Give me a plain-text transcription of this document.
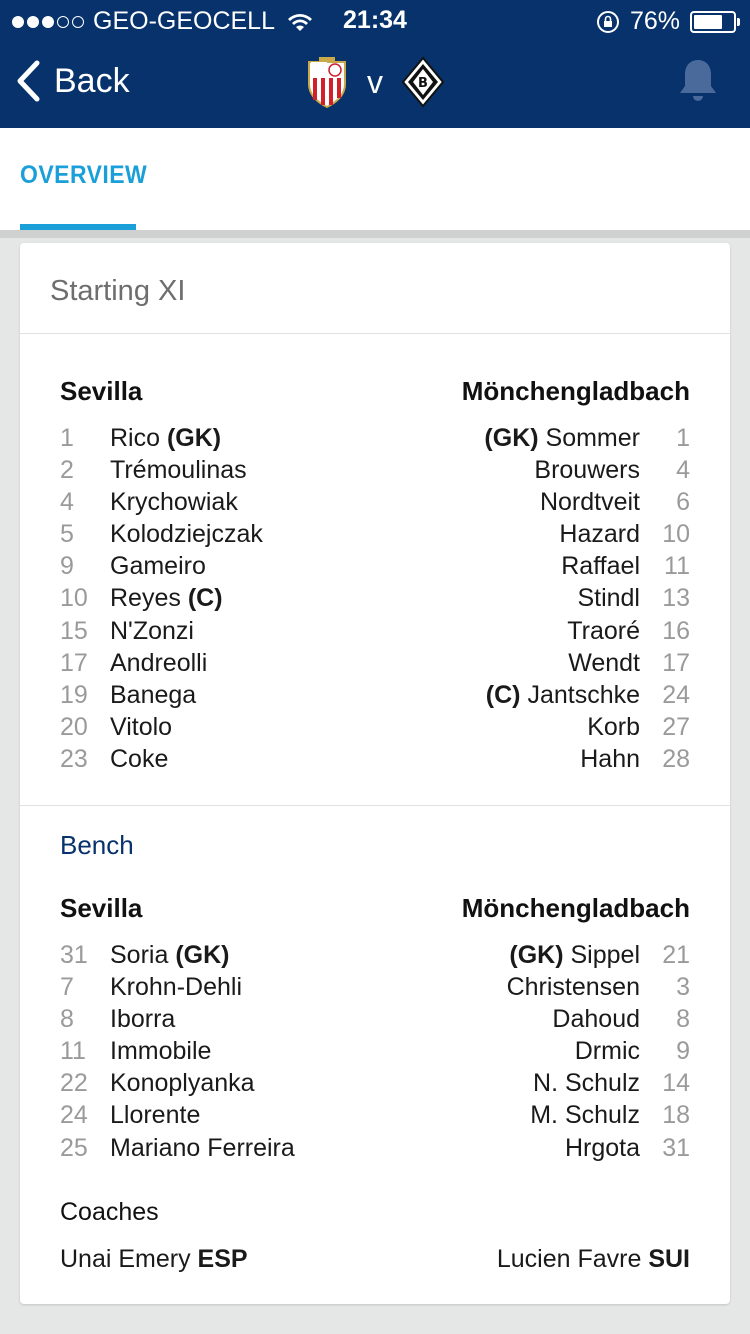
GEO-GEOCELL	21:34	76%
Back	v	B
OVERVIEW
Starting XI
Sevilla	Mönchengladbach
1	Rico (GK)	(GK) Sommer	1
2	Trémoulinas	Brouwers	4
4	Krychowiak	Nordtveit	6
5	Kolodziejczak	Hazard 10
9	Gameiro	Raffael 11
10 Reyes (C)	Stindl 13
15 N'Zonzi	Traoré 16
17 Andreolli	Wendt 17
19 Banega	(C) Jantschke 24
20 Vitolo	Korb 27
23 Coke	Hahn 28
Bench
Sevilla	Mönchengladbach
31 Soria (GK)	(GK) Sippel 21
7	Krohn-Dehli	Christensen	3
8	Iborra	Dahoud	8
11 Immobile	Drmic	9
22 Konoplyanka	N. Schulz 14
24 Llorente	M. Schulz 18
25 Mariano Ferreira	Hrgota 31
Coaches
Unai Emery ESP	Lucien Favre SUI
